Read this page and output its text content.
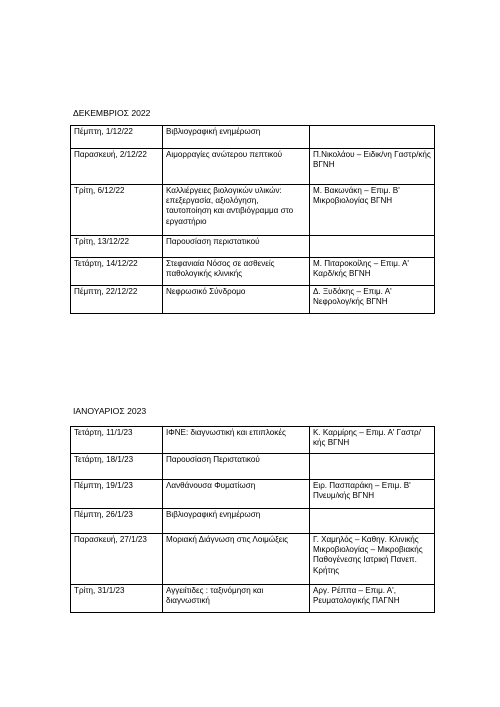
ΔΕΚΕΜΒΡΙΟΣ 2022
Πέμπτη, 1/12/22	Βιβλιογραφική ενημέρωση	
Παρασκευή, 2/12/22	Αιμορραγίες ανώτερου πεπτικού	Π.Νικολάου – Ειδικ/νη Γαστρ/κής ΒΓΝΗ
Τρίτη, 6/12/22	Καλλιέργειες βιολογικών υλικών: επεξεργασία, αξιολόγηση, ταυτοποίηση και αντιβιόγραμμα στο εργαστήριο	Μ. Βακωνάκη – Επιμ. Β' Μικροβιολογίας ΒΓΝΗ
Τρίτη, 13/12/22	Παρουσίαση περιστατικού	
Τετάρτη, 14/12/22	Στεφανιαία Νόσος σε ασθενείς παθολογικής κλινικής	Μ. Πιταροκοίλης – Επιμ. Α' Καρδ/κής ΒΓΝΗ
Πέμπτη, 22/12/22	Νεφρωσικό Σύνδρομο	Δ. Ξυδάκης – Επιμ. Α' Νεφρολογ/κής ΒΓΝΗ
ΙΑΝΟΥΑΡΙΟΣ 2023
Τετάρτη, 11/1/23	ΙΦΝΕ: διαγνωστική και επιπλοκές	Κ. Καρμίρης – Επιμ. Α' Γαστρ/κής ΒΓΝΗ
Τετάρτη, 18/1/23	Παρουσίαση Περιστατικού	
Πέμπτη, 19/1/23	Λανθάνουσα Φυματίωση	Ειρ. Πασπαράκη – Επιμ. Β' Πνευμ/κής ΒΓΝΗ
Πέμπτη, 26/1/23	Βιβλιογραφική ενημέρωση	
Παρασκευή, 27/1/23	Μοριακή Διάγνωση στις Λοιμώξεις	Γ. Χαμηλός – Καθηγ. Κλινικής Μικροβιολογίας – Μικροβιακής Παθογένεσης Ιατρική Πανεπ. Κρήτης
Τρίτη, 31/1/23	Αγγειίτιδες : ταξινόμηση και διαγνωστική	Αργ. Ρέππα – Επιμ. Α', Ρευματολογικής ΠΑΓΝΗ
